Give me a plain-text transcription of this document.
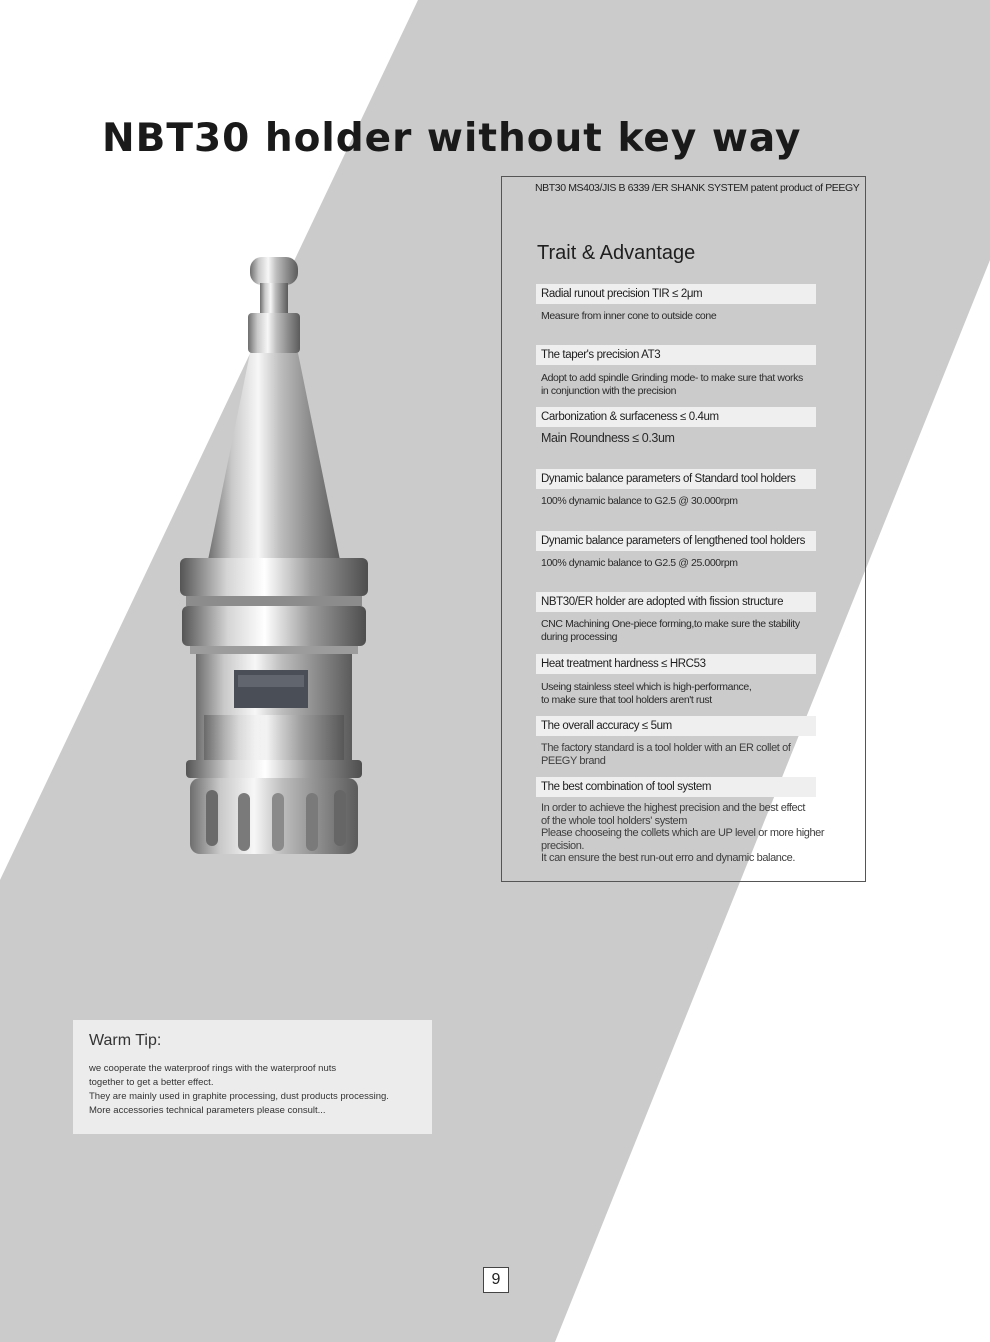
NBT30 holder without key way
NBT30 MS403/JIS B 6339 /ER SHANK SYSTEM patent product of PEEGY
Trait & Advantage
Radial runout precision TIR ≤ 2μm
Measure from inner cone to outside cone
The taper's precision AT3
Adopt to add spindle Grinding mode- to make sure that works
in conjunction with the precision
Carbonization & surfaceness ≤ 0.4um
Main Roundness ≤ 0.3um
Dynamic balance parameters of Standard tool holders
100% dynamic balance to G2.5 @ 30.000rpm
Dynamic balance parameters of lengthened tool holders
100% dynamic balance to G2.5 @ 25.000rpm
NBT30/ER holder are adopted with fission structure
CNC Machining One-piece forming,to make sure the stability
during processing
Heat treatment hardness ≤ HRC53
Useing stainless steel which is high-performance,
to make sure that tool holders aren't rust
The overall accuracy ≤ 5um
The factory standard is a tool holder with an ER collet of
PEEGY brand
The best combination of tool system
In order to achieve the highest precision and the best effect
of the whole tool holders' system
Please chooseing the collets which are UP level or more higher
precision.
It can ensure the best run-out erro and dynamic balance.
Warm Tip:
we cooperate the waterproof rings with the waterproof nuts
together to get a better effect.
They are mainly used in graphite processing, dust products processing.
More accessories technical parameters please consult...
9
